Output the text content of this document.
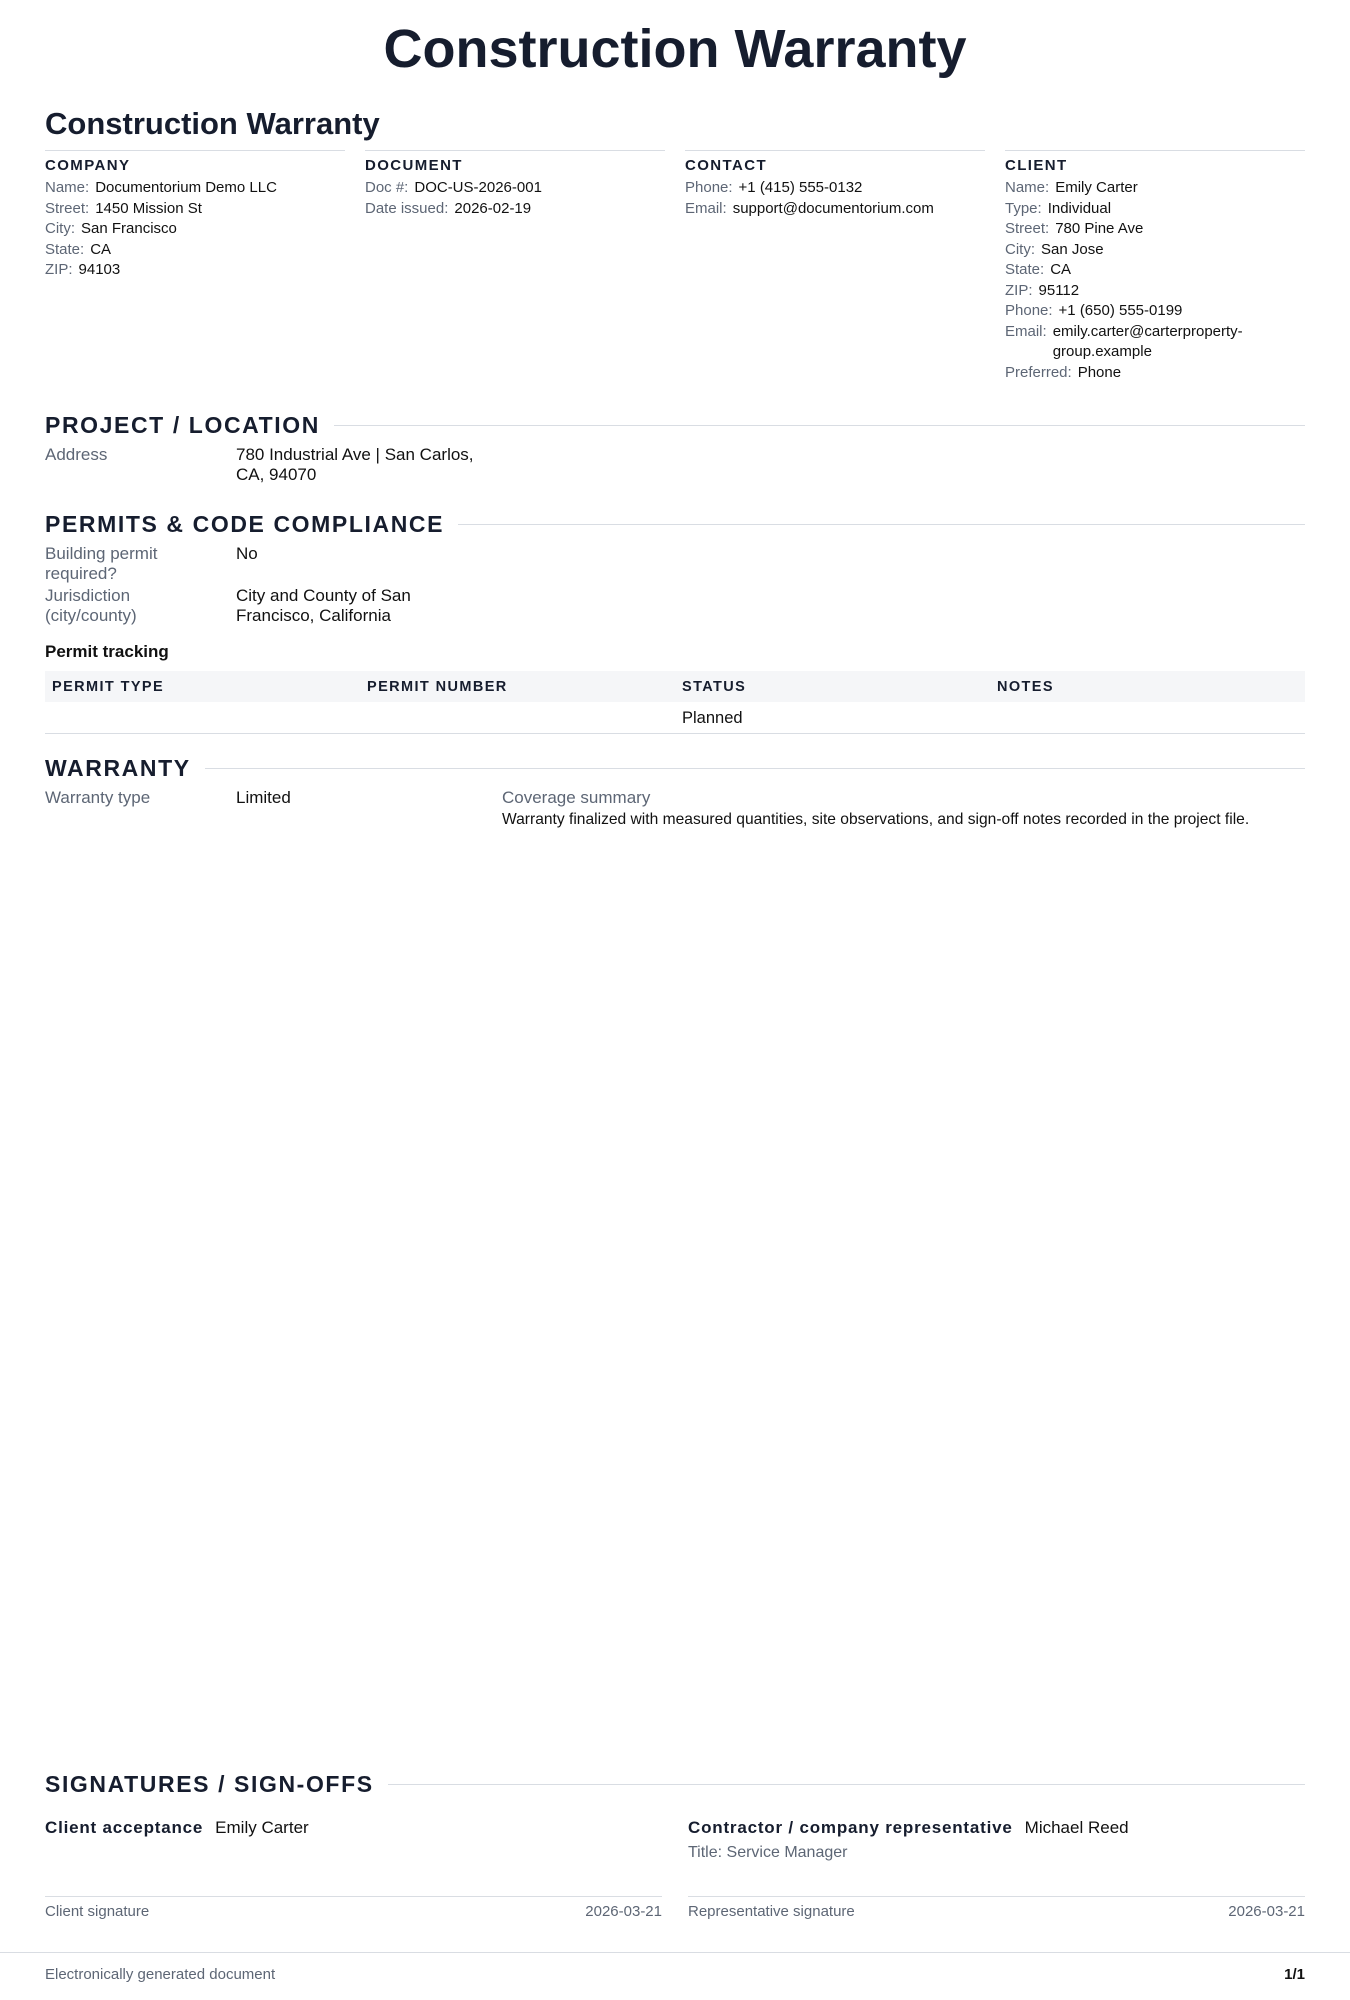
Construction Warranty
Construction Warranty
COMPANY
Name: Documentorium Demo LLC
Street: 1450 Mission St
City: San Francisco
State: CA
ZIP: 94103
DOCUMENT
Doc #: DOC-US-2026-001
Date issued: 2026-02-19
CONTACT
Phone: +1 (415) 555-0132
Email: support@documentorium.com
CLIENT
Name: Emily Carter
Type: Individual
Street: 780 Pine Ave
City: San Jose
State: CA
ZIP: 95112
Phone: +1 (650) 555-0199
Email: emily.carter@carterproperty-group.example
Preferred: Phone
PROJECT / LOCATION
Address	780 Industrial Ave | San Carlos, CA, 94070
PERMITS & CODE COMPLIANCE
Building permit required?
No
Jurisdiction (city/county)
City and County of San Francisco, California
Permit tracking
PERMIT TYPE	PERMIT NUMBER	STATUS	NOTES
		Planned	
WARRANTY
Warranty type	Limited	Coverage summary
Warranty finalized with measured quantities, site observations, and sign-off notes recorded in the project file.
SIGNATURES / SIGN-OFFS
Client acceptance Emily Carter
Client signature	2026-03-21
Contractor / company representative Michael Reed
Title: Service Manager
Representative signature	2026-03-21
Electronically generated document	1/1
